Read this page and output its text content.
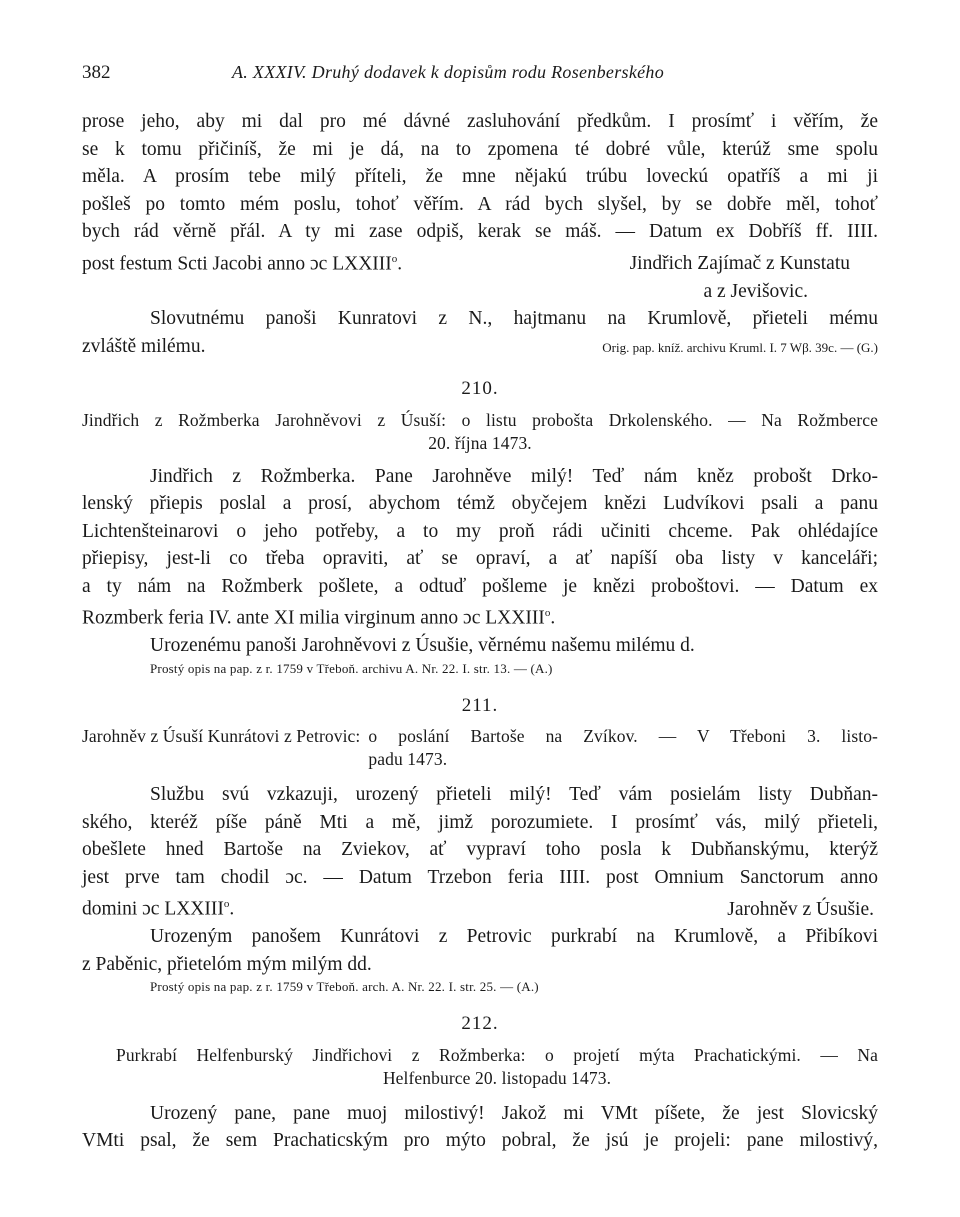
382	A. XXXIV. Druhý dodavek k dopisům rodu Rosenberského

prose jeho, aby mi dal pro mé dávné zasluhování předkům. I prosímť i věřím, že

se k tomu přičiníš, že mi je dá, na to zpomena té dobré vůle, kterúž sme spolu

měla. A prosím tebe milý příteli, že mne nějakú trúbu loveckú opatříš a mi ji

pošleš po tomto mém poslu, tohoť věřím. A rád bych slyšel, by se dobře měl, tohoť

bych rád věrně přál. A ty mi zase odpiš, kerak se máš. — Datum ex Dobříš ff. IIII.

post festum Scti Jacobi anno ɔc LXXIII$^o$.	Jindřich Zajímač z Kunstatu

a z Jevišovic.

Slovutnému panoši Kunratovi z N., hajtmanu na Krumlově, přieteli mému

zvláště milému.	Orig. pap. kníž. archivu Kruml. I. 7 Wβ. 39c. — (G.)

210.

Jindřich z Rožmberka Jarohněvovi z Úsuší: o listu probošta Drkolenského. — Na Rožmberce

20. října 1473.

Jindřich z Rožmberka. Pane Jarohněve milý! Teď nám kněz probošt Drko-

lenský přiepis poslal a prosí, abychom témž obyčejem knězi Ludvíkovi psali a panu

Lichtenšteinarovi o jeho potřeby, a to my proň rádi učiniti chceme. Pak ohlédajíce

přiepisy, jest-li co třeba opraviti, ať se opraví, a ať napíší oba listy v kanceláři;

a ty nám na Rožmberk pošlete, a odtuď pošleme je knězi proboštovi. — Datum ex

Rozmberk feria IV. ante XI milia virginum anno ɔc LXXIII$^o$.

Urozenému panoši Jarohněvovi z Úsušie, věrnému našemu milému d.

Prostý opis na pap. z r. 1759 v Třeboň. archivu A. Nr. 22. I. str. 13. — (A.)

211.

Jarohněv z Úsuší Kunrátovi z Petrovic: o poslání Bartoše na Zvíkov. — V Třeboni 3. listo-
padu 1473.

Službu svú vzkazuji, urozený přieteli milý! Teď vám posielám listy Dubňan-

ského, kteréž píše páně Mti a mě, jimž porozumiete. I prosímť vás, milý přieteli,

obešlete hned Bartoše na Zviekov, ať vypraví toho posla k Dubňanskýmu, kterýž

jest prve tam chodil ɔc. — Datum Trzebon feria IIII. post Omnium Sanctorum anno

domini ɔc LXXIII$^o$.	Jarohněv z Úsušie.

Urozeným panošem Kunrátovi z Petrovic purkrabí na Krumlově, a Přibíkovi

z Paběnic, přietelóm mým milým dd.

Prostý opis na pap. z r. 1759 v Třeboň. arch. A. Nr. 22. I. str. 25. — (A.)

212.

Purkrabí Helfenburský Jindřichovi z Rožmberka: o projetí mýta Prachatickými. — Na

Helfenburce 20. listopadu 1473.

Urozený pane, pane muoj milostivý! Jakož mi VMt píšete, že jest Slovicský

VMti psal, že sem Prachaticským pro mýto pobral, že jsú je projeli: pane milostivý,
